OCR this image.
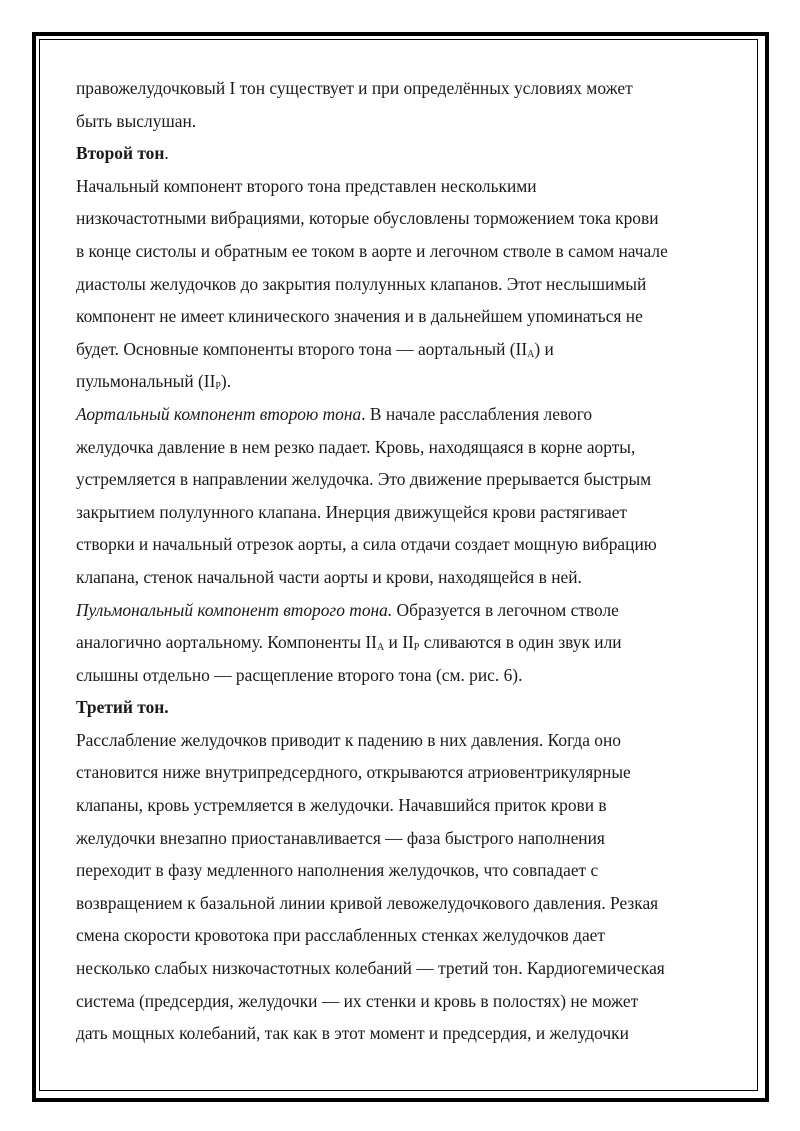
правожелудочковый I тон существует и при определённых условиях может
быть выслушан.
Второй тон.
Начальный компонент второго тона представлен несколькими
низкочастотными вибрациями, которые обусловлены торможением тока крови
в конце систолы и обратным ее током в аорте и легочном стволе в самом начале
диастолы желудочков до закрытия полулунных клапанов. Этот неслышимый
компонент не имеет клинического значения и в дальнейшем упоминаться не
будет. Основные компоненты второго тона — аортальный $(II_A)$ и
пульмональный $(II_P)$.
Аортальный компонент второю тона. В начале расслабления левого
желудочка давление в нем резко падает. Кровь, находящаяся в корне аорты,
устремляется в направлении желудочка. Это движение прерывается быстрым
закрытием полулунного клапана. Инерция движущейся крови растягивает
створки и начальный отрезок аорты, а сила отдачи создает мощную вибрацию
клапана, стенок начальной части аорты и крови, находящейся в ней.
Пульмональный компонент второго тона. Образуется в легочном стволе
аналогично аортальному. Компоненты $II_A$ и $II_P$ сливаются в один звук или
слышны отдельно — расщепление второго тона (см. рис. 6).
Третий тон.
Расслабление желудочков приводит к падению в них давления. Когда оно
становится ниже внутрипредсердного, открываются атриовентрикулярные
клапаны, кровь устремляется в желудочки. Начавшийся приток крови в
желудочки внезапно приостанавливается — фаза быстрого наполнения
переходит в фазу медленного наполнения желудочков, что совпадает с
возвращением к базальной линии кривой левожелудочкового давления. Резкая
смена скорости кровотока при расслабленных стенках желудочков дает
несколько слабых низкочастотных колебаний — третий тон. Кардиогемическая
система (предсердия, желудочки — их стенки и кровь в полостях) не может
дать мощных колебаний, так как в этот момент и предсердия, и желудочки
